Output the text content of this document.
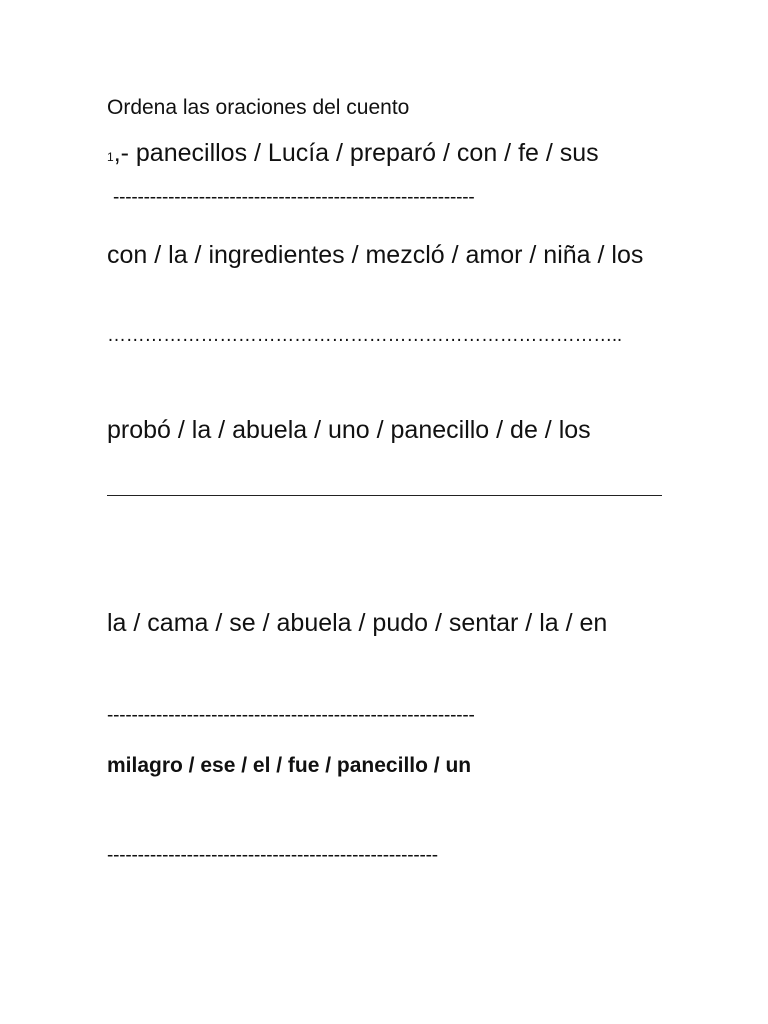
Ordena las oraciones del cuento
1,- panecillos / Lucía / preparó / con / fe / sus
-----------------------------------------------------------
con / la / ingredientes / mezcló / amor / niña / los
………………………………………………………………………..
probó / la / abuela / uno / panecillo / de / los
la / cama / se / abuela / pudo / sentar / la / en
------------------------------------------------------------
milagro / ese / el / fue / panecillo / un
------------------------------------------------------
